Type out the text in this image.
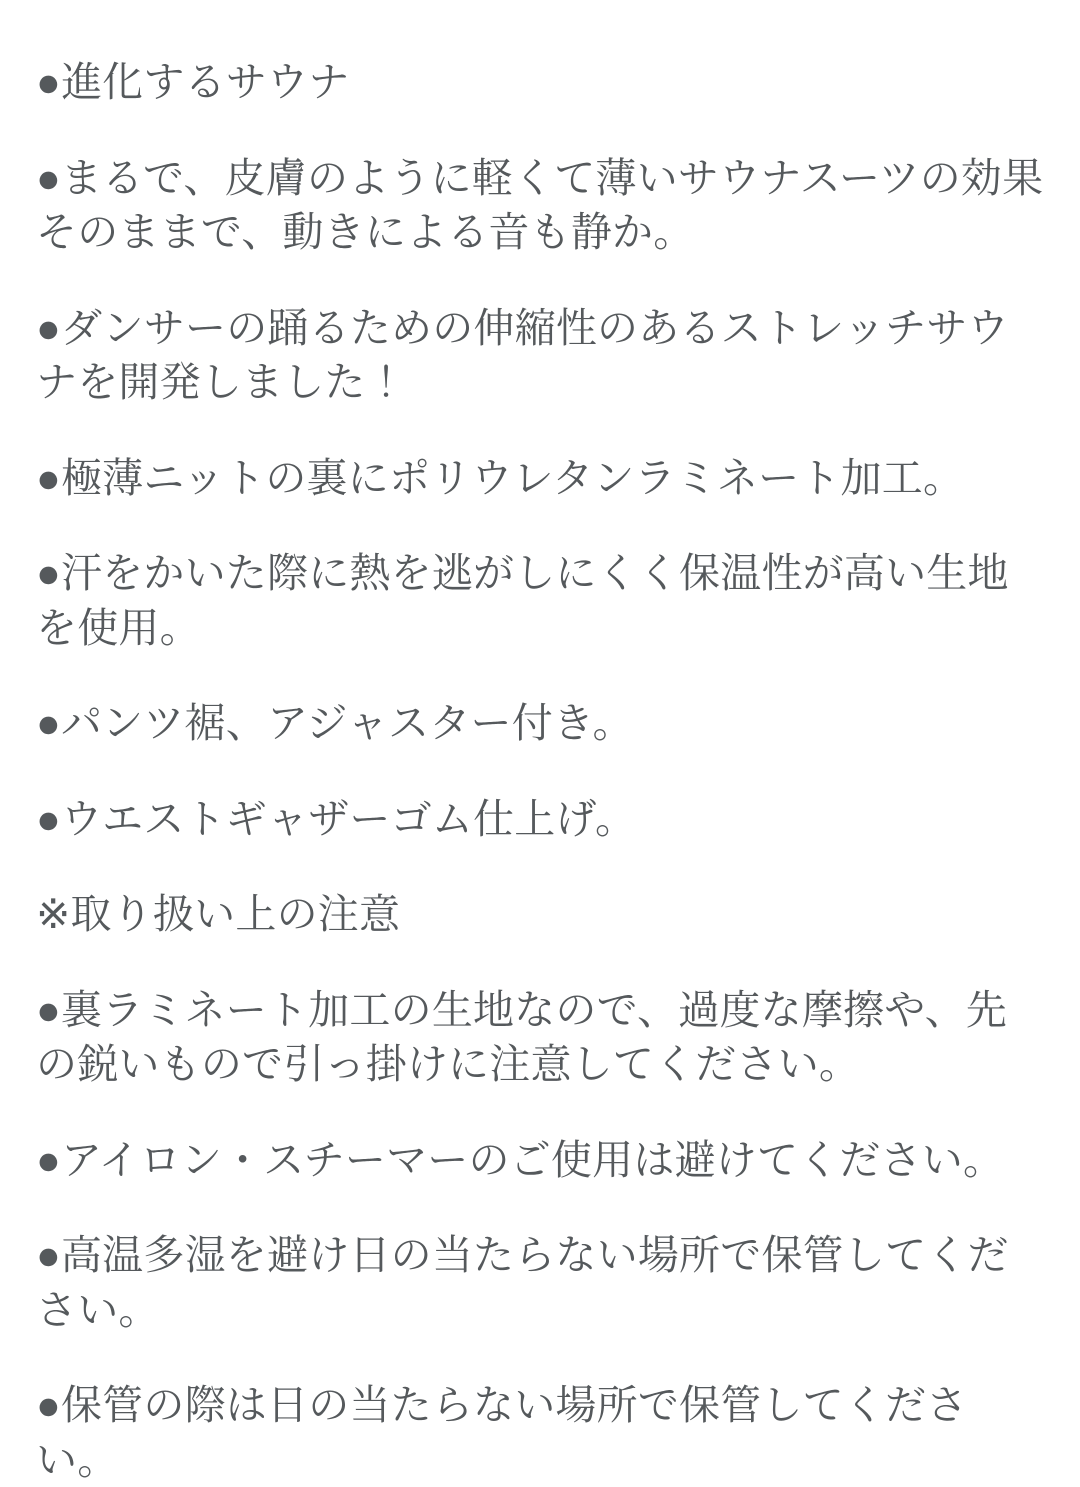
●進化するサウナ

●まるで、皮膚のように軽くて薄いサウナスーツの効果そのままで、動きによる音も静か。

●ダンサーの踊るための伸縮性のあるストレッチサウナを開発しました！

●極薄ニットの裏にポリウレタンラミネート加工。

●汗をかいた際に熱を逃がしにくく保温性が高い生地を使用。

●パンツ裾、アジャスター付き。

●ウエストギャザーゴム仕上げ。

※取り扱い上の注意

●裏ラミネート加工の生地なので、過度な摩擦や、先の鋭いもので引っ掛けに注意してください。

●アイロン・スチーマーのご使用は避けてください。

●高温多湿を避け日の当たらない場所で保管してください。

●保管の際は日の当たらない場所で保管してください。
